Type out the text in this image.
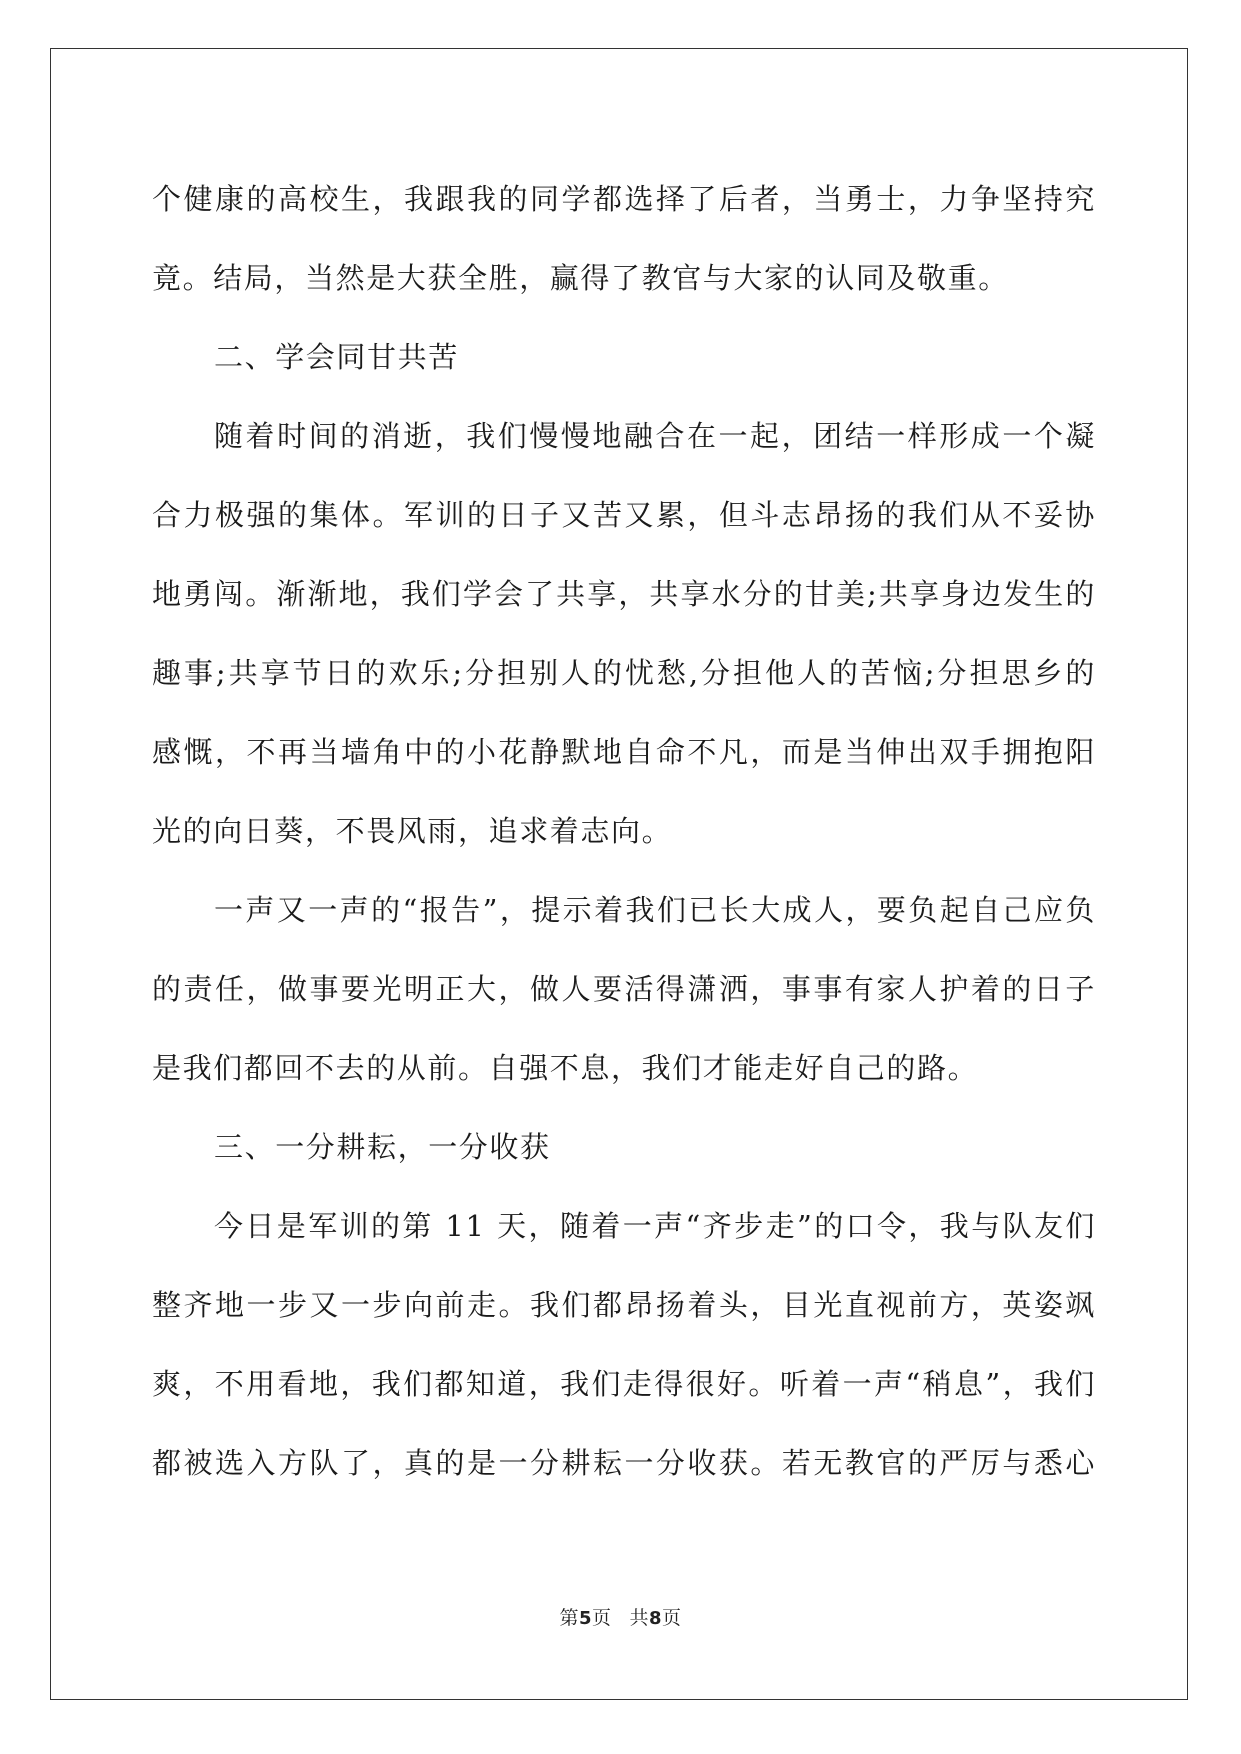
个健康的高校生，我跟我的同学都选择了后者，当勇士，力争坚持究
竟。结局，当然是大获全胜，赢得了教官与大家的认同及敬重。
二、学会同甘共苦
随着时间的消逝，我们慢慢地融合在一起，团结一样形成一个凝
合力极强的集体。军训的日子又苦又累，但斗志昂扬的我们从不妥协
地勇闯。渐渐地，我们学会了共享，共享水分的甘美;共享身边发生的
趣事;共享节日的欢乐;分担别人的忧愁,分担他人的苦恼;分担思乡的
感慨，不再当墙角中的小花静默地自命不凡，而是当伸出双手拥抱阳
光的向日葵，不畏风雨，追求着志向。
一声又一声的“报告”，提示着我们已长大成人，要负起自己应负
的责任，做事要光明正大，做人要活得潇洒，事事有家人护着的日子
是我们都回不去的从前。自强不息，我们才能走好自己的路。
三、一分耕耘，一分收获
今日是军训的第 11 天，随着一声“齐步走”的口令，我与队友们
整齐地一步又一步向前走。我们都昂扬着头，目光直视前方，英姿飒
爽，不用看地，我们都知道，我们走得很好。听着一声“稍息”，我们
都被选入方队了，真的是一分耕耘一分收获。若无教官的严厉与悉心
第5页 共8页
